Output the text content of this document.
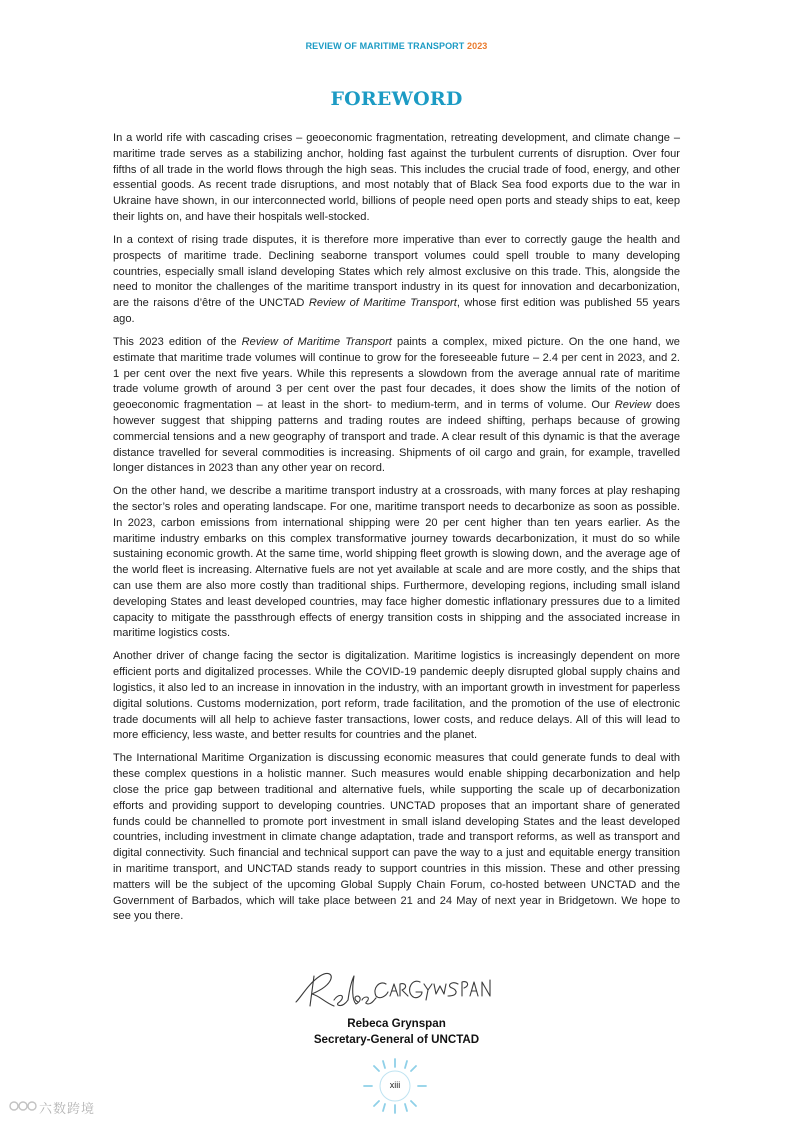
REVIEW OF MARITIME TRANSPORT 2023
FOREWORD

In a world rife with cascading crises – geoeconomic fragmentation, retreating development, and climate change – maritime trade serves as a stabilizing anchor, holding fast against the turbulent currents of disruption. Over four fifths of all trade in the world flows through the high seas. This includes the crucial trade of food, energy, and other essential goods. As recent trade disruptions, and most notably that of Black Sea food exports due to the war in Ukraine have shown, in our interconnected world, billions of people need open ports and steady ships to eat, keep their lights on, and have their hospitals well-stocked.

In a context of rising trade disputes, it is therefore more imperative than ever to correctly gauge the health and prospects of maritime trade. Declining seaborne transport volumes could spell trouble to many developing countries, especially small island developing States which rely almost exclusive on this trade. This, alongside the need to monitor the challenges of the maritime transport industry in its quest for innovation and decarbonization, are the raisons d’être of the UNCTAD Review of Maritime Transport, whose first edition was published 55 years ago.

This 2023 edition of the Review of Maritime Transport paints a complex, mixed picture. On the one hand, we estimate that maritime trade volumes will continue to grow for the foreseeable future – 2.4 per cent in 2023, and 2. 1 per cent over the next five years. While this represents a slowdown from the average annual rate of maritime trade volume growth of around 3 per cent over the past four decades, it does show the limits of the notion of geoeconomic fragmentation – at least in the short- to medium-term, and in terms of volume. Our Review does however suggest that shipping patterns and trading routes are indeed shifting, perhaps because of growing commercial tensions and a new geography of transport and trade. A clear result of this dynamic is that the average distance travelled for several commodities is increasing. Shipments of oil cargo and grain, for example, travelled longer distances in 2023 than any other year on record.

On the other hand, we describe a maritime transport industry at a crossroads, with many forces at play reshaping the sector’s roles and operating landscape. For one, maritime transport needs to decarbonize as soon as possible. In 2023, carbon emissions from international shipping were 20 per cent higher than ten years earlier. As the maritime industry embarks on this complex transformative journey towards decarbonization, it must do so while sustaining economic growth. At the same time, world shipping fleet growth is slowing down, and the average age of the world fleet is increasing. Alternative fuels are not yet available at scale and are more costly, and the ships that can use them are also more costly than traditional ships. Furthermore, developing regions, including small island developing States and least developed countries, may face higher domestic inflationary pressures due to a limited capacity to mitigate the passthrough effects of energy transition costs in shipping and the associated increase in maritime logistics costs.

Another driver of change facing the sector is digitalization. Maritime logistics is increasingly dependent on more efficient ports and digitalized processes. While the COVID-19 pandemic deeply disrupted global supply chains and logistics, it also led to an increase in innovation in the industry, with an important growth in investment for paperless digital solutions. Customs modernization, port reform, trade facilitation, and the promotion of the use of electronic trade documents will all help to achieve faster transactions, lower costs, and reduce delays. All of this will lead to more efficiency, less waste, and better results for countries and the planet.

The International Maritime Organization is discussing economic measures that could generate funds to deal with these complex questions in a holistic manner. Such measures would enable shipping decarbonization and help close the price gap between traditional and alternative fuels, while supporting the scale up of decarbonization efforts and providing support to developing countries. UNCTAD proposes that an important share of generated funds could be channelled to promote port investment in small island developing States and the least developed countries, including investment in climate change adaptation, trade and transport reforms, as well as transport and digital connectivity. Such financial and technical support can pave the way to a just and equitable energy transition in maritime transport, and UNCTAD stands ready to support countries in this mission. These and other pressing matters will be the subject of the upcoming Global Supply Chain Forum, co-hosted between UNCTAD and the Government of Barbados, which will take place between 21 and 24 May of next year in Bridgetown. We hope to see you there.

Rebeca Grynspan
Secretary-General of UNCTAD
xiii
六数跨境
